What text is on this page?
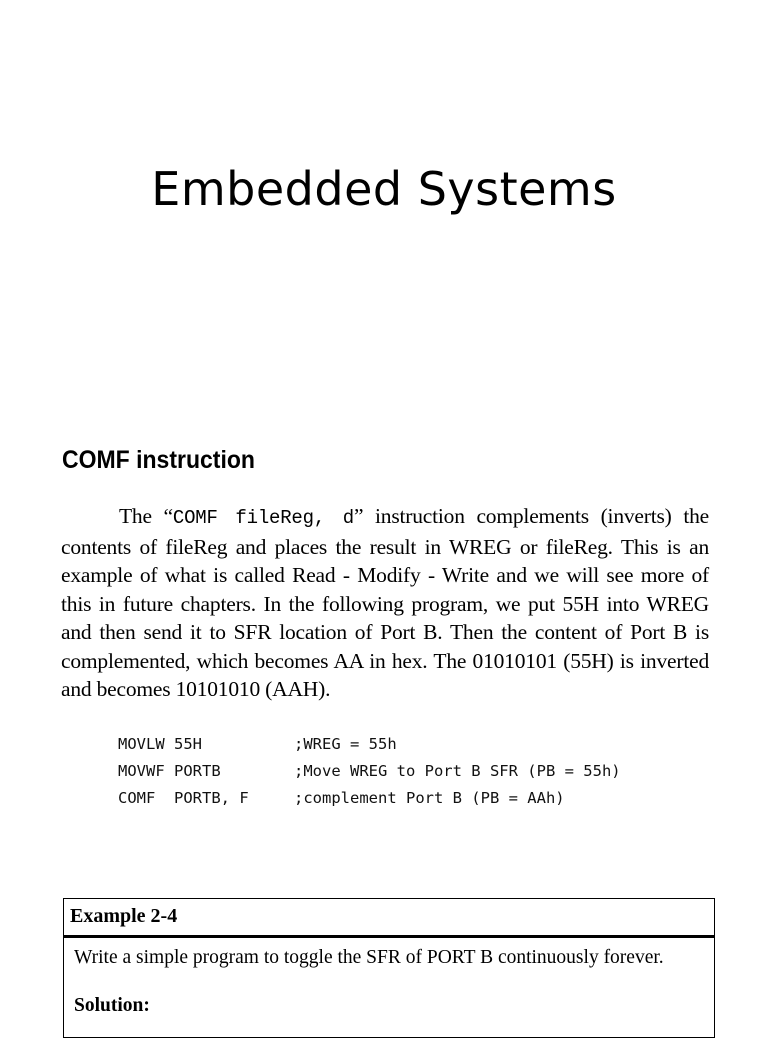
Embedded Systems
COMF instruction

The “COMF fileReg, d” instruction complements (inverts) the contents of fileReg and places the result in WREG or fileReg. This is an example of what is called Read - Modify - Write and we will see more of this in future chapters. In the following program, we put 55H into WREG and then send it to SFR location of Port B. Then the content of Port B is complemented, which becomes AA in hex. The 01010101 (55H) is inverted and becomes 10101010 (AAH).

MOVLW 55H	;WREG = 55h
MOVWF PORTB	;Move WREG to Port B SFR (PB = 55h)
COMF  PORTB, F	;complement Port B (PB = AAh)
Example 2-4
Write a simple program to toggle the SFR of PORT B continuously forever.
Solution:
